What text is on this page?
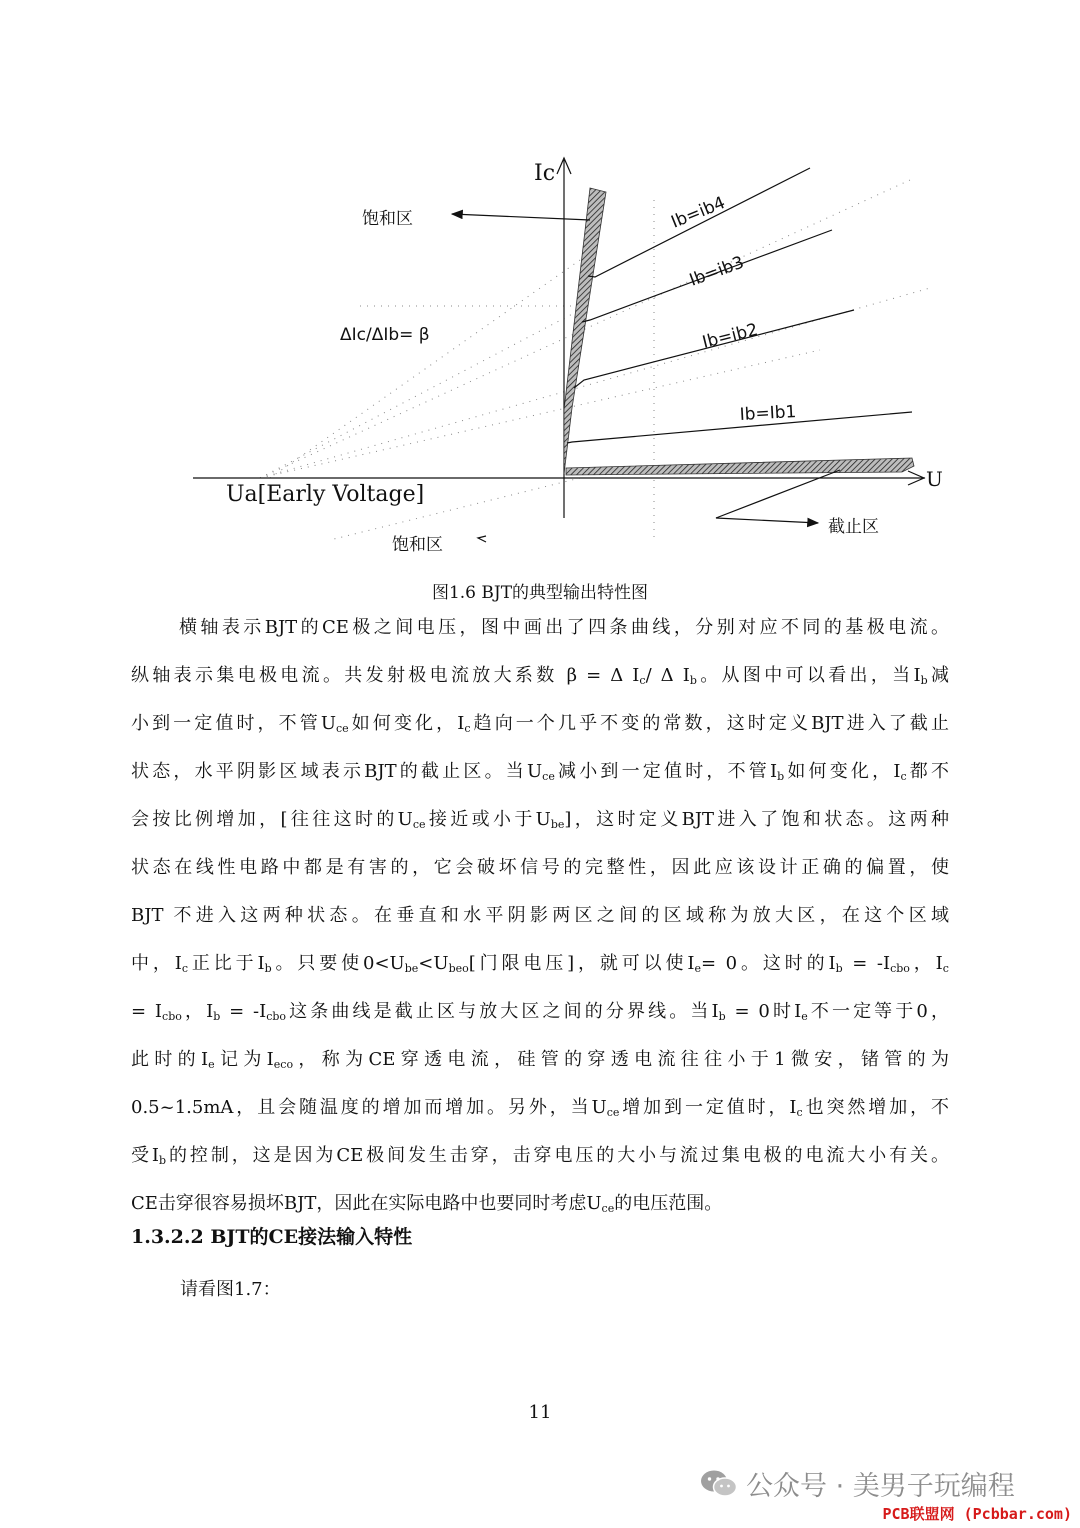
Ic
Ua[Early Voltage]
U
饱和区
ΔIc/ΔIb= β
饱和区
截止区
Ib=ib4
Ib=ib3
Ib=ib2
Ib=Ib1
图1.6 BJT的典型输出特性图
横轴表示BJT的CE极之间电压，图中画出了四条曲线，分别对应不同的基极电流。
纵轴表示集电极电流。共发射极电流放大系数 β = Δ $I_c/$ Δ $I_b$。从图中可以看出，当$I_b$减
小到一定值时，不管$U_{ce}$如何变化，$I_c$趋向一个几乎不变的常数，这时定义BJT进入了截止
状态，水平阴影区域表示BJT的截止区。当$U_{ce}$减小到一定值时，不管$I_b$如何变化，$I_c$都不
会按比例增加，[往往这时的$U_{ce}$接近或小于$U_{be}$]，这时定义BJT进入了饱和状态。这两种
状态在线性电路中都是有害的，它会破坏信号的完整性，因此应该设计正确的偏置，使
BJT 不进入这两种状态。在垂直和水平阴影两区之间的区域称为放大区，在这个区域
中，$I_c$正比于$I_b$。只要使$0<U_{be}<U_{beo}$[门限电压]，就可以使$I_e= 0$。这时的$I_b = -I_{cbo}$，$I_c$
= $I_{cbo}$，$I_b = -I_{cbo}$这条曲线是截止区与放大区之间的分界线。当$I_b = 0$时$I_e$不一定等于0，
此时的$I_e$记为$I_{eco}$，称为CE穿透电流，硅管的穿透电流往往小于1微安，锗管的为
0.5~1.5mA，且会随温度的增加而增加。另外，当$U_{ce}$增加到一定值时，$I_c$也突然增加，不
受$I_b$的控制，这是因为CE极间发生击穿，击穿电压的大小与流过集电极的电流大小有关。
CE击穿很容易损坏BJT，因此在实际电路中也要同时考虑$U_{ce}$的电压范围。
1.3.2.2 BJT的CE接法输入特性
请看图1.7：
11
公众号 · 美男子玩编程
PCB联盟网 (Pcbbar.com)
